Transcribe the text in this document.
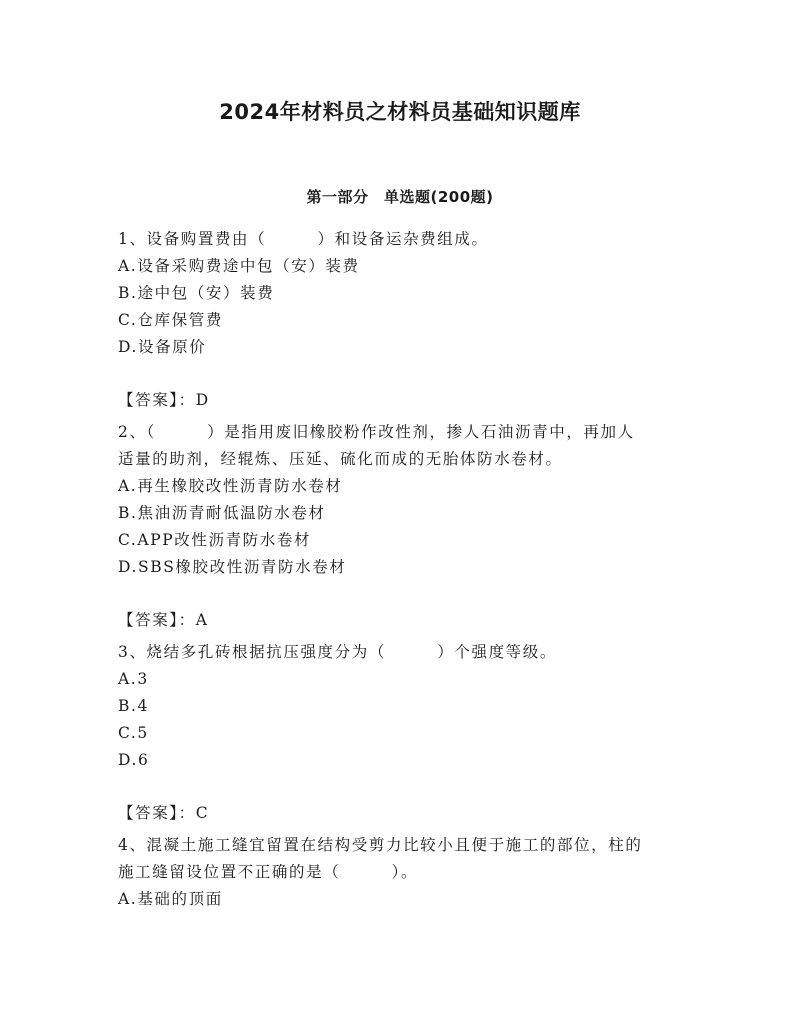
2024年材料员之材料员基础知识题库
第一部分　单选题(200题)
1、设备购置费由（　　　）和设备运杂费组成。
A.设备采购费途中包（安）装费
B.途中包（安）装费
C.仓库保管费
D.设备原价
【答案】：D
2、（　　　）是指用废旧橡胶粉作改性剂，掺人石油沥青中，再加人
适量的助剂，经辊炼、压延、硫化而成的无胎体防水卷材。
A.再生橡胶改性沥青防水卷材
B.焦油沥青耐低温防水卷材
C.APP改性沥青防水卷材
D.SBS橡胶改性沥青防水卷材
【答案】：A
3、烧结多孔砖根据抗压强度分为（　　　）个强度等级。
A.3
B.4
C.5
D.6
【答案】：C
4、混凝土施工缝宜留置在结构受剪力比较小且便于施工的部位，柱的
施工缝留设位置不正确的是（　　　）。
A.基础的顶面
